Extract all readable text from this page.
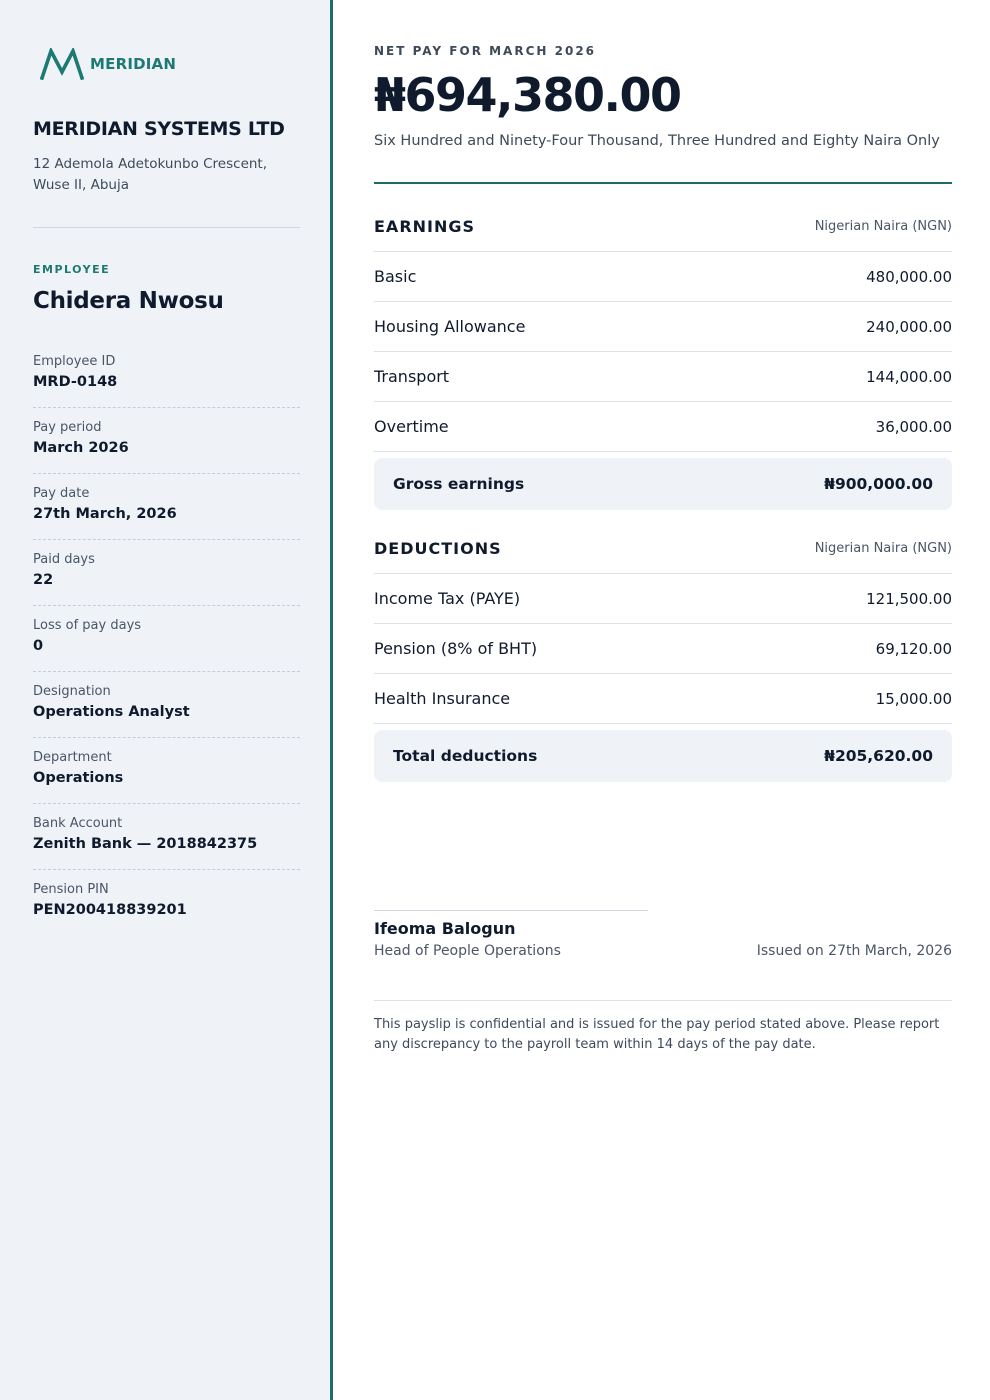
MERIDIAN
MERIDIAN SYSTEMS LTD
12 Ademola Adetokunbo Crescent, Wuse II, Abuja
EMPLOYEE
Chidera Nwosu
Employee ID
MRD-0148
Pay period
March 2026
Pay date
27th March, 2026
Paid days
22
Loss of pay days
0
Designation
Operations Analyst
Department
Operations
Bank Account
Zenith Bank — 2018842375
Pension PIN
PEN200418839201
NET PAY FOR MARCH 2026
₦694,380.00
Six Hundred and Ninety-Four Thousand, Three Hundred and Eighty Naira Only
EARNINGS	Nigerian Naira (NGN)
Basic	480,000.00
Housing Allowance	240,000.00
Transport	144,000.00
Overtime	36,000.00
Gross earnings	₦900,000.00
DEDUCTIONS	Nigerian Naira (NGN)
Income Tax (PAYE)	121,500.00
Pension (8% of BHT)	69,120.00
Health Insurance	15,000.00
Total deductions	₦205,620.00
Ifeoma Balogun
Head of People Operations	Issued on 27th March, 2026
This payslip is confidential and is issued for the pay period stated above. Please report any discrepancy to the payroll team within 14 days of the pay date.
